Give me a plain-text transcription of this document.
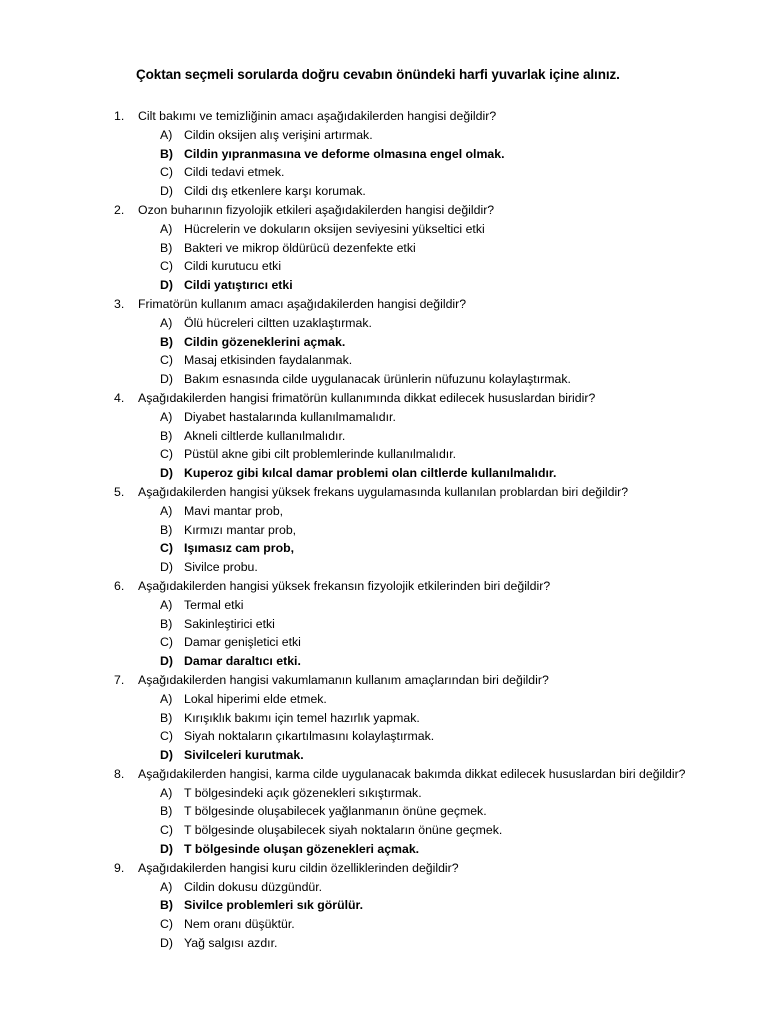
Çoktan seçmeli sorularda doğru cevabın önündeki harfi yuvarlak içine alınız.
1. Cilt bakımı ve temizliğinin amacı aşağıdakilerden hangisi değildir?
A) Cildin oksijen alış verişini artırmak.
B) Cildin yıpranmasına ve deforme olmasına engel olmak.
C) Cildi tedavi etmek.
D) Cildi dış etkenlere karşı korumak.
2. Ozon buharının fizyolojik etkileri aşağıdakilerden hangisi değildir?
A) Hücrelerin ve dokuların oksijen seviyesini yükseltici etki
B) Bakteri ve mikrop öldürücü dezenfekte etki
C) Cildi kurutucu etki
D) Cildi yatıştırıcı etki
3. Frimatörün kullanım amacı aşağıdakilerden hangisi değildir?
A) Ölü hücreleri ciltten uzaklaştırmak.
B) Cildin gözeneklerini açmak.
C) Masaj etkisinden faydalanmak.
D) Bakım esnasında cilde uygulanacak ürünlerin nüfuzunu kolaylaştırmak.
4. Aşağıdakilerden hangisi frimatörün kullanımında dikkat edilecek hususlardan biridir?
A) Diyabet hastalarında kullanılmamalıdır.
B) Akneli ciltlerde kullanılmalıdır.
C) Püstül akne gibi cilt problemlerinde kullanılmalıdır.
D) Kuperoz gibi kılcal damar problemi olan ciltlerde kullanılmalıdır.
5. Aşağıdakilerden hangisi yüksek frekans uygulamasında kullanılan problardan biri değildir?
A) Mavi mantar prob,
B) Kırmızı mantar prob,
C) Işımasız cam prob,
D) Sivilce probu.
6. Aşağıdakilerden hangisi yüksek frekansın fizyolojik etkilerinden biri değildir?
A) Termal etki
B) Sakinleştirici etki
C) Damar genişletici etki
D) Damar daraltıcı etki.
7. Aşağıdakilerden hangisi vakumlamanın kullanım amaçlarından biri değildir?
A) Lokal hiperimi elde etmek.
B) Kırışıklık bakımı için temel hazırlık yapmak.
C) Siyah noktaların çıkartılmasını kolaylaştırmak.
D) Sivilceleri kurutmak.
8. Aşağıdakilerden hangisi, karma cilde uygulanacak bakımda dikkat edilecek hususlardan biri değildir?
A) T bölgesindeki açık gözenekleri sıkıştırmak.
B) T bölgesinde oluşabilecek yağlanmanın önüne geçmek.
C) T bölgesinde oluşabilecek siyah noktaların önüne geçmek.
D) T bölgesinde oluşan gözenekleri açmak.
9. Aşağıdakilerden hangisi kuru cildin özelliklerinden değildir?
A) Cildin dokusu düzgündür.
B) Sivilce problemleri sık görülür.
C) Nem oranı düşüktür.
D) Yağ salgısı azdır.
